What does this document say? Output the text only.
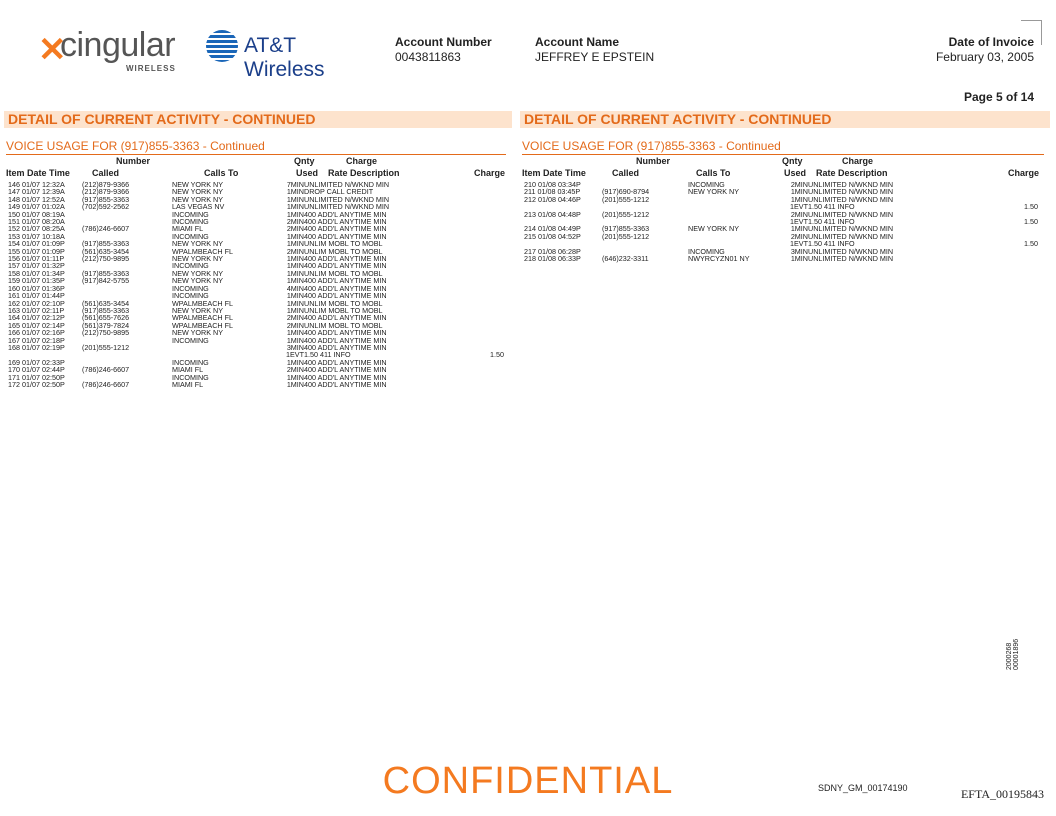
✕
cingular
WIRELESS
AT&T Wireless
Account Number
0043811863
Account Name
JEFFREY E EPSTEIN
Date of Invoice
February 03, 2005
Page 5 of 14
DETAIL OF CURRENT ACTIVITY - CONTINUED	DETAIL OF CURRENT ACTIVITY - CONTINUED
VOICE USAGE FOR (917)855-3363 - Continued	VOICE USAGE FOR (917)855-3363 - Continued
Number	Qnty	Charge
Item Date Time Called	Calls To	Used Rate Description	Charge
Number	Qnty	Charge
Item Date Time	Called	Calls To	Used Rate Description	Charge
146 01/07 12:32A	(212)879-9366	NEW YORK NY	7MIN	UNLIMITED N/WKND MIN	
147 01/07 12:39A	(212)879-9366	NEW YORK NY	1MIN	DROP CALL CREDIT	
148 01/07 12:52A	(917)855-3363	NEW YORK NY	1MIN	UNLIMITED N/WKND MIN	
149 01/07 01:02A	(702)592-2562	LAS VEGAS NV	1MIN	UNLIMITED N/WKND MIN	
150 01/07 08:19A		INCOMING	1MIN	400 ADD'L ANYTIME MIN	
151 01/07 08:20A		INCOMING	2MIN	400 ADD'L ANYTIME MIN	
152 01/07 08:25A	(786)246-6607	MIAMI FL	2MIN	400 ADD'L ANYTIME MIN	
153 01/07 10:18A		INCOMING	1MIN	400 ADD'L ANYTIME MIN	
154 01/07 01:09P	(917)855-3363	NEW YORK NY	1MIN	UNLIM MOBL TO MOBL	
155 01/07 01:09P	(561)635-3454	WPALMBEACH FL	2MIN	UNLIM MOBL TO MOBL	
156 01/07 01:11P	(212)750-9895	NEW YORK NY	1MIN	400 ADD'L ANYTIME MIN	
157 01/07 01:32P		INCOMING	1MIN	400 ADD'L ANYTIME MIN	
158 01/07 01:34P	(917)855-3363	NEW YORK NY	1MIN	UNLIM MOBL TO MOBL	
159 01/07 01:35P	(917)842-5755	NEW YORK NY	1MIN	400 ADD'L ANYTIME MIN	
160 01/07 01:36P		INCOMING	4MIN	400 ADD'L ANYTIME MIN	
161 01/07 01:44P		INCOMING	1MIN	400 ADD'L ANYTIME MIN	
162 01/07 02:10P	(561)635-3454	WPALMBEACH FL	1MIN	UNLIM MOBL TO MOBL	
163 01/07 02:11P	(917)855-3363	NEW YORK NY	1MIN	UNLIM MOBL TO MOBL	
164 01/07 02:12P	(561)655-7626	WPALMBEACH FL	2MIN	400 ADD'L ANYTIME MIN	
165 01/07 02:14P	(561)379-7824	WPALMBEACH FL	2MIN	UNLIM MOBL TO MOBL	
166 01/07 02:16P	(212)750-9895	NEW YORK NY	1MIN	400 ADD'L ANYTIME MIN	
167 01/07 02:18P		INCOMING	1MIN	400 ADD'L ANYTIME MIN	
168 01/07 02:19P	(201)555-1212		3MIN	400 ADD'L ANYTIME MIN	
			1EVT	1.50 411 INFO	1.50
169 01/07 02:33P		INCOMING	1MIN	400 ADD'L ANYTIME MIN	
170 01/07 02:44P	(786)246-6607	MIAMI FL	2MIN	400 ADD'L ANYTIME MIN	
171 01/07 02:50P		INCOMING	1MIN	400 ADD'L ANYTIME MIN	
172 01/07 02:50P	(786)246-6607	MIAMI FL	1MIN	400 ADD'L ANYTIME MIN	
210 01/08 03:34P		INCOMING	2MIN	UNLIMITED N/WKND MIN	
211 01/08 03:45P	(917)690-8794	NEW YORK NY	1MIN	UNLIMITED N/WKND MIN	
212 01/08 04:46P	(201)555-1212		1MIN	UNLIMITED N/WKND MIN	
			1EVT	1.50 411 INFO	1.50
213 01/08 04:48P	(201)555-1212		2MIN	UNLIMITED N/WKND MIN	
			1EVT	1.50 411 INFO	1.50
214 01/08 04:49P	(917)855-3363	NEW YORK NY	1MIN	UNLIMITED N/WKND MIN	
215 01/08 04:52P	(201)555-1212		2MIN	UNLIMITED N/WKND MIN	
			1EVT	1.50 411 INFO	1.50
217 01/08 06:28P		INCOMING	3MIN	UNLIMITED N/WKND MIN	
218 01/08 06:33P	(646)232-3311	NWYRCYZN01 NY	1MIN	UNLIMITED N/WKND MIN	
CONFIDENTIAL	SDNY_GM_00174190	EFTA_00195843
2000268 00001896
